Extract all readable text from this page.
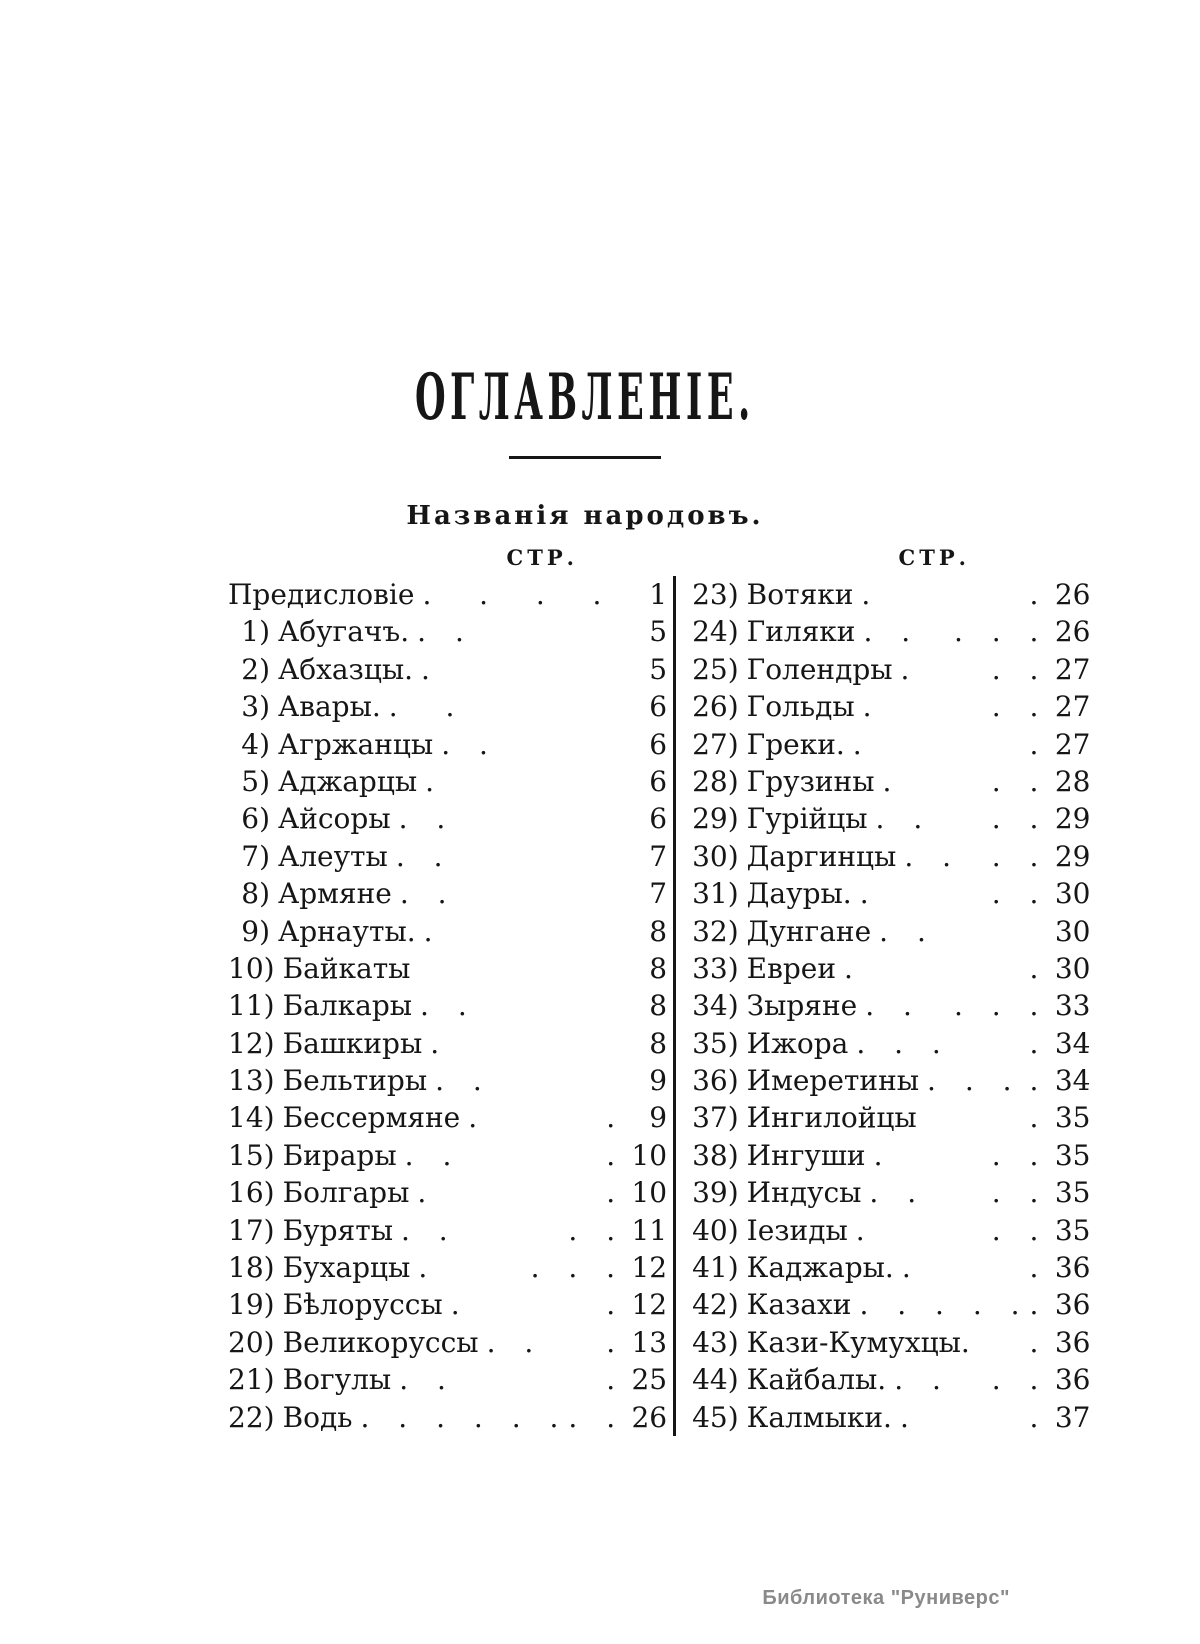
ОГЛАВЛЕНІЕ.
Названія народовъ.
СТР.	СТР.
Предисловіе .  .  .  .	1
1) Абугачъ. . .	5
2) Абхазцы. .	5
3) Авары. .  .	6
4) Агржанцы . .	6
5) Аджарцы .	6
6) Айсоры . .	6
7) Алеуты . .	7
8) Армяне . .	7
9) Арнауты. .	8
10) Байкаты	8
11) Балкары . .	8
12) Башкиры .	8
13) Бельтиры . .	9
14) Бессермяне .	. 9
15) Бирары . .	. 10
16) Болгары .	. 10
17) Буряты . .	. . 11
18) Бухарцы .	. . . 12
19) Бѣлоруссы .	. 12
20) Великоруссы . . . 13
21) Вогулы . .	. 25
22) Водь . . . . . . . . 26
23) Вотяки .	. 26
24) Гиляки . . . . . 26
25) Голендры .	. . 27
26) Гольды .	. . 27
27) Греки. .	. 27
28) Грузины .	. . 28
29) Гурійцы . . . . 29
30) Даргинцы . . . . 29
31) Дауры. .	. . 30
32) Дунгане . .	30
33) Евреи .	. 30
34) Зыряне . . . . . 33
35) Ижора . . .	. 34
36) Имеретины . . . . 34
37) Ингилойцы	. 35
38) Ингуши .	. . 35
39) Индусы . . . . 35
40) Іезиды .	. . 35
41) Каджары. .	. 36
42) Казахи . . . . . . 36
43) Кази-Кумухцы. . 36
44) Кайбалы. . . . . 36
45) Калмыки. .	. 37
Библиотека "Руниверс"
